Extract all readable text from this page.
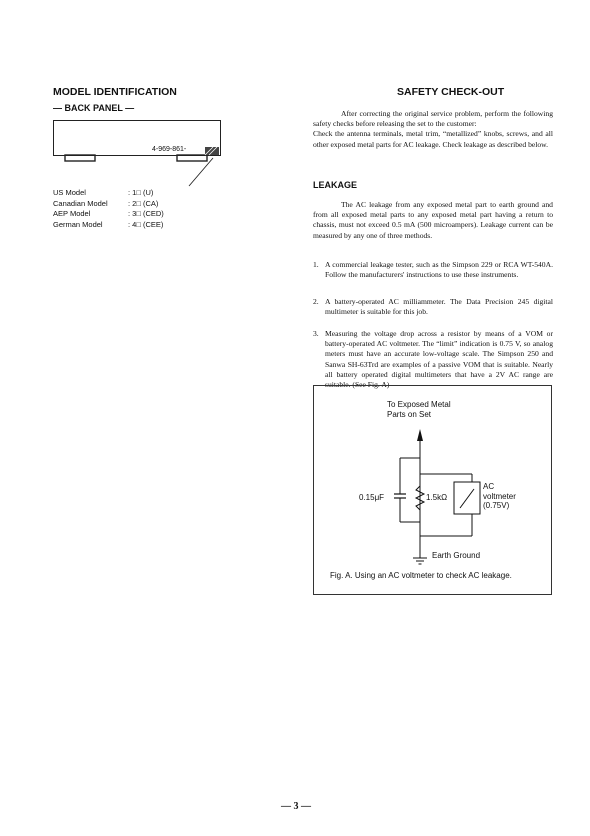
MODEL IDENTIFICATION
— BACK PANEL —
4-969-861-
US Model
Canadian Model
AEP Model
German Model
: 1□ (U)
: 2□ (CA)
: 3□ (CED)
: 4□ (CEE)
SAFETY CHECK-OUT
After correcting the original service problem, perform the following safety checks before releasing the set to the customer:
Check the antenna terminals, metal trim, “metallized” knobs, screws, and all other exposed metal parts for AC leakage. Check leakage as described below.
LEAKAGE
The AC leakage from any exposed metal part to earth ground and from all exposed metal parts to any exposed metal part having a return to chassis, must not exceed 0.5 mA (500 microampers). Leakage current can be measured by any one of three methods.
1. A commercial leakage tester, such as the Simpson 229 or RCA WT-540A. Follow the manufacturers' instructions to use these instruments.
2. A battery-operated AC milliammeter. The Data Precision 245 digital multimeter is suitable for this job.
3. Measuring the voltage drop across a resistor by means of a VOM or battery-operated AC voltmeter. The “limit” indication is 0.75 V, so analog meters must have an accurate low-voltage scale. The Simpson 250 and Sanwa SH-63Trd are examples of a passive VOM that is suitable. Nearly all battery operated digital multimeters that have a 2V AC range are suitable. (See Fig. A)
To Exposed Metal
Parts on Set
0.15μF	1.5kΩ
AC
voltmeter
(0.75V)
Earth Ground
Fig. A. Using an AC voltmeter to check AC leakage.
— 3 —
